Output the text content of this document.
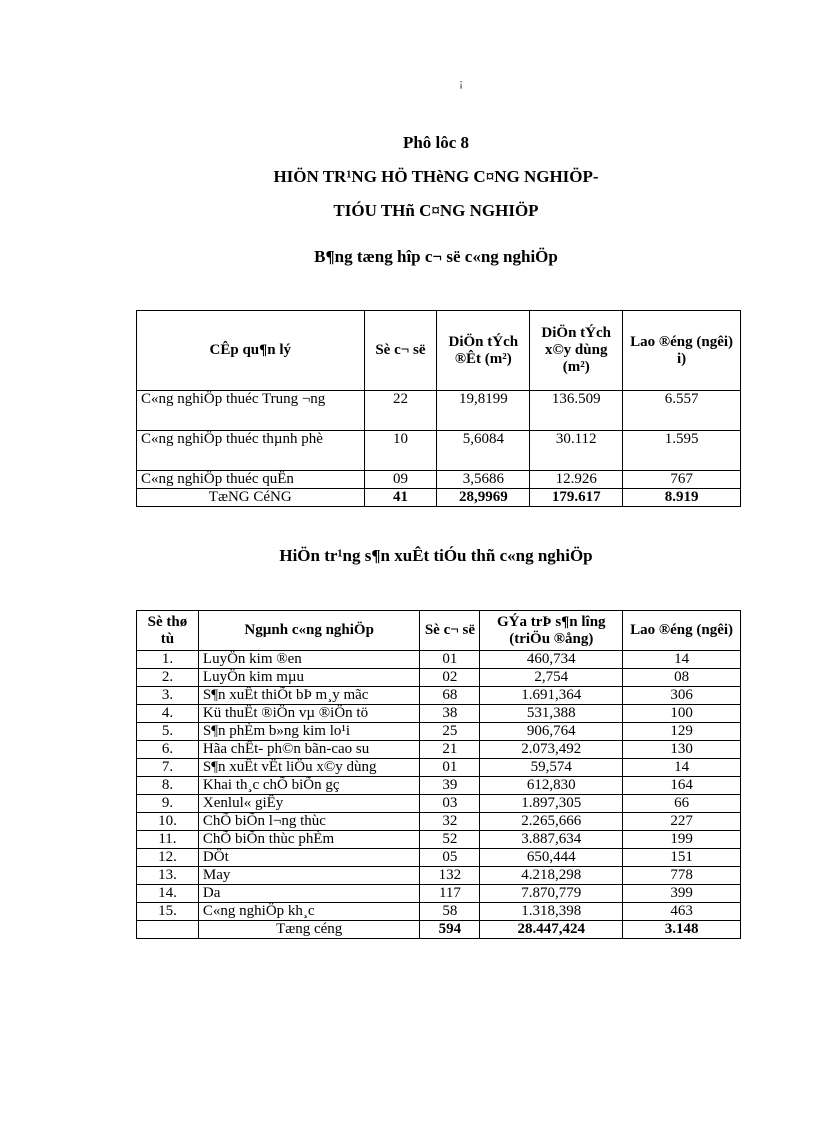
¡
Phô lôc 8
HIÖN TR¹NG HÖ THèNG C¤NG NGHIÖP-
TIÓU THñ C¤NG NGHIÖP
B¶ng tæng hîp c¬ së c«ng nghiÖp
CÊp qu¶n lý	Sè c¬ së	DiÖn tÝch ®Êt (m²)	DiÖn tÝch x©y dùng (m²)	Lao ®éng (ngêi) i)
C«ng nghiÖp thuéc Trung ¬ng	22	19,8199	136.509	6.557
C«ng nghiÖp thuéc thµnh phè	10	5,6084	30.112	1.595
C«ng nghiÖp thuéc quËn	09	3,5686	12.926	767
TæNG CéNG	41	28,9969	179.617	8.919
HiÖn tr¹ng s¶n xuÊt tiÓu thñ c«ng nghiÖp
Sè thø tù	Ngµnh c«ng nghiÖp	Sè c¬ së	GÝa trÞ s¶n lîng (triÖu ®ång)	Lao ®éng (ngêi)
1.	LuyÖn kim ®en	01	460,734	14
2.	LuyÖn kim mµu	02	2,754	08
3.	S¶n xuÊt thiÕt bÞ m¸y mãc	68	1.691,364	306
4.	Kü thuËt ®iÖn vµ ®iÖn tö	38	531,388	100
5.	S¶n phÈm b»ng kim lo¹i	25	906,764	129
6.	Hãa chÊt- ph©n bãn-cao su	21	2.073,492	130
7.	S¶n xuÊt vËt liÖu x©y dùng	01	59,574	14
8.	Khai th¸c chÕ biÕn gç	39	612,830	164
9.	Xenlul« giÊy	03	1.897,305	66
10.	ChÕ biÕn l¬ng thùc	32	2.265,666	227
11.	ChÕ biÕn thùc phÈm	52	3.887,634	199
12.	DÖt	05	650,444	151
13.	May	132	4.218,298	778
14.	Da	117	7.870,779	399
15.	C«ng nghiÖp kh¸c	58	1.318,398	463
	Tæng céng	594	28.447,424	3.148
